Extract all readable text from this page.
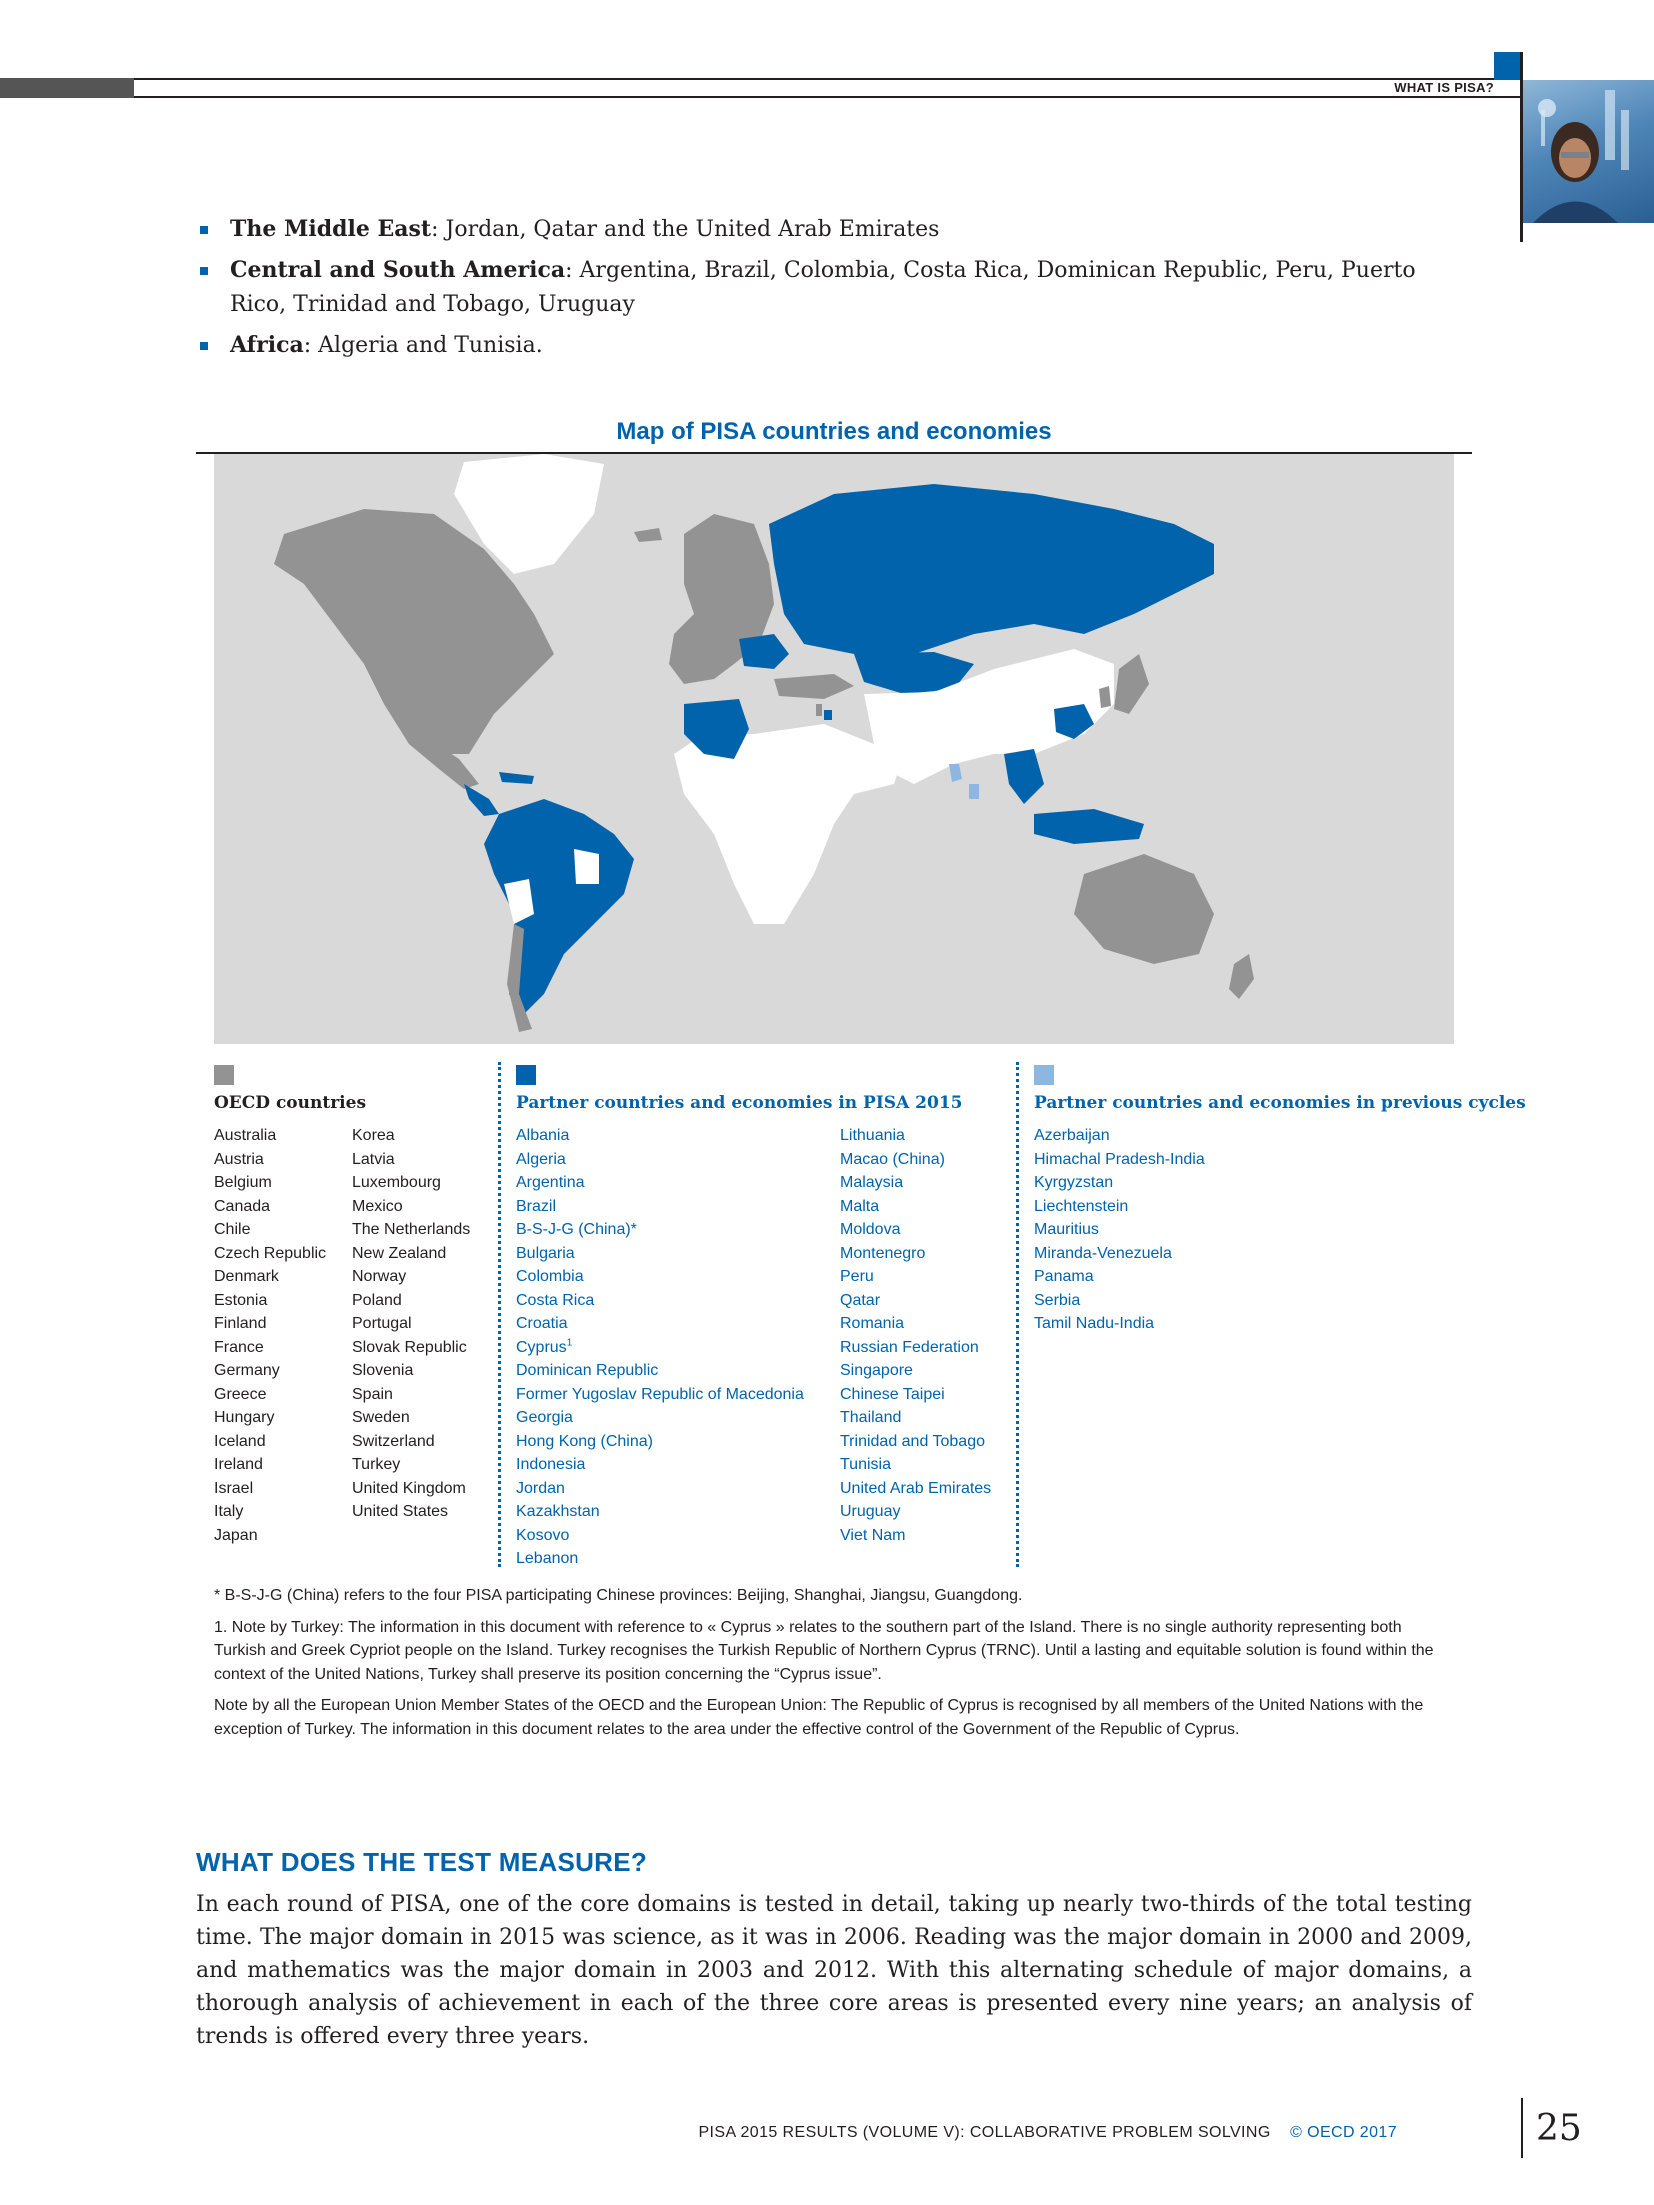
WHAT IS PISA?
The Middle East: Jordan, Qatar and the United Arab Emirates
Central and South America: Argentina, Brazil, Colombia, Costa Rica, Dominican Republic, Peru, Puerto Rico, Trinidad and Tobago, Uruguay
Africa: Algeria and Tunisia.
Map of PISA countries and economies
OECD countries
Australia
Austria
Belgium
Canada
Chile
Czech Republic
Denmark
Estonia
Finland
France
Germany
Greece
Hungary
Iceland
Ireland
Israel
Italy
Japan
Korea
Latvia
Luxembourg
Mexico
The Netherlands
New Zealand
Norway
Poland
Portugal
Slovak Republic
Slovenia
Spain
Sweden
Switzerland
Turkey
United Kingdom
United States
Partner countries and economies in PISA 2015
Albania
Algeria
Argentina
Brazil
B-S-J-G (China)*
Bulgaria
Colombia
Costa Rica
Croatia
Cyprus$^1$
Dominican Republic
Former Yugoslav Republic of Macedonia
Georgia
Hong Kong (China)
Indonesia
Jordan
Kazakhstan
Kosovo
Lebanon
Lithuania
Macao (China)
Malaysia
Malta
Moldova
Montenegro
Peru
Qatar
Romania
Russian Federation
Singapore
Chinese Taipei
Thailand
Trinidad and Tobago
Tunisia
United Arab Emirates
Uruguay
Viet Nam
Partner countries and economies in previous cycles
Azerbaijan
Himachal Pradesh-India
Kyrgyzstan
Liechtenstein
Mauritius
Miranda-Venezuela
Panama
Serbia
Tamil Nadu-India

* B-S-J-G (China) refers to the four PISA participating Chinese provinces: Beijing, Shanghai, Jiangsu, Guangdong.

1. Note by Turkey: The information in this document with reference to « Cyprus » relates to the southern part of the Island. There is no single authority representing both Turkish and Greek Cypriot people on the Island. Turkey recognises the Turkish Republic of Northern Cyprus (TRNC). Until a lasting and equitable solution is found within the context of the United Nations, Turkey shall preserve its position concerning the “Cyprus issue”.

Note by all the European Union Member States of the OECD and the European Union: The Republic of Cyprus is recognised by all members of the United Nations with the exception of Turkey. The information in this document relates to the area under the effective control of the Government of the Republic of Cyprus.

WHAT DOES THE TEST MEASURE?
In each round of PISA, one of the core domains is tested in detail, taking up nearly two-thirds of the total testing time. The major domain in 2015 was science, as it was in 2006. Reading was the major domain in 2000 and 2009, and mathematics was the major domain in 2003 and 2012. With this alternating schedule of major domains, a thorough analysis of achievement in each of the three core areas is presented every nine years; an analysis of trends is offered every three years.
PISA 2015 RESULTS (VOLUME V): COLLABORATIVE PROBLEM SOLVING © OECD 2017	25
